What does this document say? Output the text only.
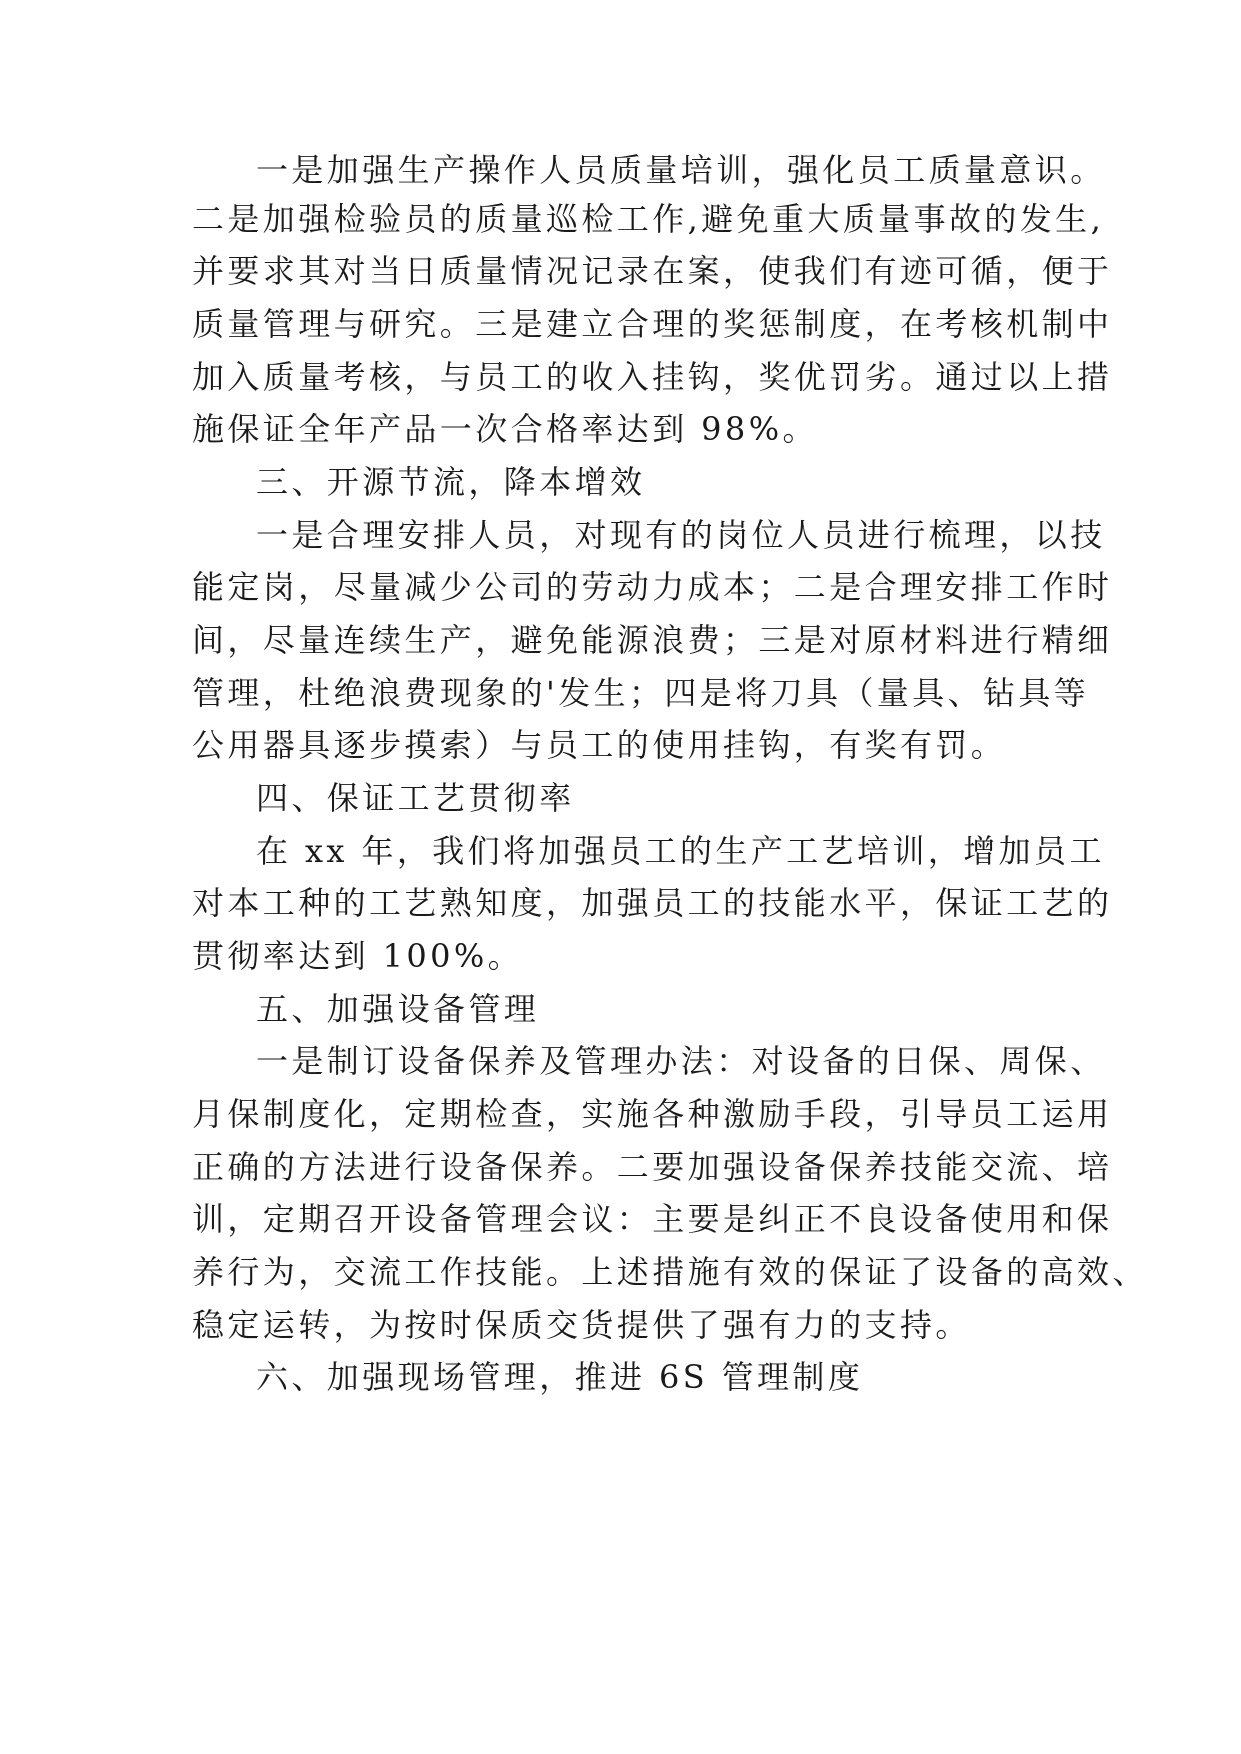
一是加强生产操作人员质量培训，强化员工质量意识。
二是加强检验员的质量巡检工作,避免重大质量事故的发生,
并要求其对当日质量情况记录在案，使我们有迹可循，便于
质量管理与研究。三是建立合理的奖惩制度，在考核机制中
加入质量考核，与员工的收入挂钩，奖优罚劣。通过以上措
施保证全年产品一次合格率达到 98%。
三、开源节流，降本增效
一是合理安排人员，对现有的岗位人员进行梳理，以技
能定岗，尽量减少公司的劳动力成本；二是合理安排工作时
间，尽量连续生产，避免能源浪费；三是对原材料进行精细
管理，杜绝浪费现象的'发生；四是将刀具（量具、钻具等
公用器具逐步摸索）与员工的使用挂钩，有奖有罚。
四、保证工艺贯彻率
在 xx 年，我们将加强员工的生产工艺培训，增加员工
对本工种的工艺熟知度，加强员工的技能水平，保证工艺的
贯彻率达到 100%。
五、加强设备管理
一是制订设备保养及管理办法：对设备的日保、周保、
月保制度化，定期检查，实施各种激励手段，引导员工运用
正确的方法进行设备保养。二要加强设备保养技能交流、培
训，定期召开设备管理会议：主要是纠正不良设备使用和保
养行为，交流工作技能。上述措施有效的保证了设备的高效、
稳定运转，为按时保质交货提供了强有力的支持。
六、加强现场管理，推进 6S 管理制度
